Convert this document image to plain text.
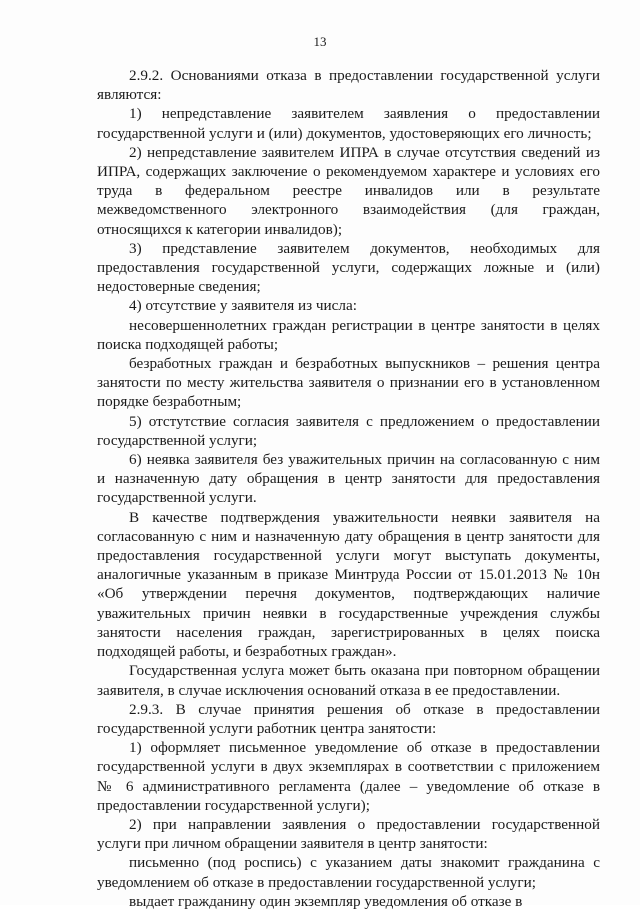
13

2.9.2. Основаниями отказа в предоставлении государственной услуги являются:

1) непредставление заявителем заявления о предоставлении государственной услуги и (или) документов, удостоверяющих его личность;

2) непредставление заявителем ИПРА в случае отсутствия сведений из ИПРА, содержащих заключение о рекомендуемом характере и условиях его труда в федеральном реестре инвалидов или в результате межведомственного электронного взаимодействия (для граждан, относящихся к категории инвалидов);

3) представление заявителем документов, необходимых для предоставления государственной услуги, содержащих ложные и (или) недостоверные сведения;

4) отсутствие у заявителя из числа:

несовершеннолетних граждан регистрации в центре занятости в целях поиска подходящей работы;

безработных граждан и безработных выпускников – решения центра занятости по месту жительства заявителя о признании его в установленном порядке безработным;

5) отстутствие согласия заявителя с предложением о предоставлении государственной услуги;

6) неявка заявителя без уважительных причин на согласованную с ним и назначенную дату обращения в центр занятости для предоставления государственной услуги.

В качестве подтверждения уважительности неявки заявителя на согласованную с ним и назначенную дату обращения в центр занятости для предоставления государственной услуги могут выступать документы, аналогичные указанным в приказе Минтруда России от 15.01.2013 № 10н «Об утверждении перечня документов, подтверждающих наличие уважительных причин неявки в государственные учреждения службы занятости населения граждан, зарегистрированных в целях поиска подходящей работы, и безработных граждан».

Государственная услуга может быть оказана при повторном обращении заявителя, в случае исключения оснований отказа в ее предоставлении.

2.9.3. В случае принятия решения об отказе в предоставлении государственной услуги работник центра занятости:

1) оформляет письменное уведомление об отказе в предоставлении государственной услуги в двух экземплярах в соответствии с приложением № 6 административного регламента (далее – уведомление об отказе в предоставлении государственной услуги);

2) при направлении заявления о предоставлении государственной услуги при личном обращении заявителя в центр занятости:

письменно (под роспись) с указанием даты знакомит гражданина с уведомлением об отказе в предоставлении государственной услуги;

выдает гражданину один экземпляр уведомления об отказе в
